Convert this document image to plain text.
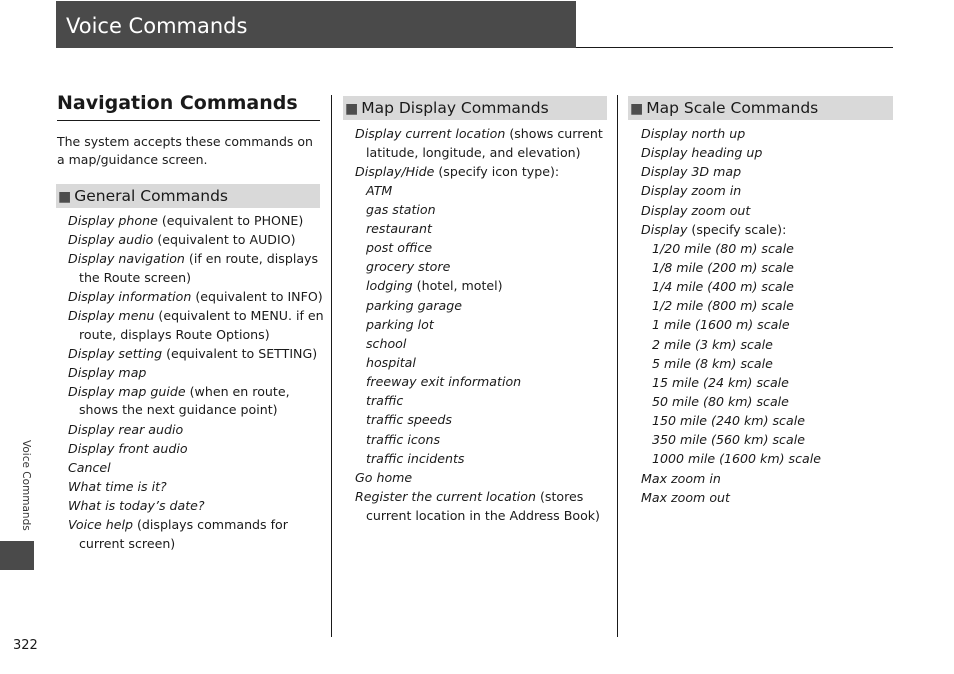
Voice Commands
Navigation Commands
The system accepts these commands on a map/guidance screen.
■ General Commands
Display phone (equivalent to PHONE)
Display audio (equivalent to AUDIO)
Display navigation (if en route, displays
the Route screen)
Display information (equivalent to INFO)
Display menu (equivalent to MENU. if en
route, displays Route Options)
Display setting (equivalent to SETTING)
Display map
Display map guide (when en route,
shows the next guidance point)
Display rear audio
Display front audio
Cancel
What time is it?
What is today’s date?
Voice help (displays commands for
current screen)
■ Map Display Commands
Display current location (shows current
latitude, longitude, and elevation)
Display/Hide (specify icon type):
ATM
gas station
restaurant
post office
grocery store
lodging (hotel, motel)
parking garage
parking lot
school
hospital
freeway exit information
traffic
traffic speeds
traffic icons
traffic incidents
Go home
Register the current location (stores
current location in the Address Book)
■ Map Scale Commands
Display north up
Display heading up
Display 3D map
Display zoom in
Display zoom out
Display (specify scale):
1/20 mile (80 m) scale
1/8 mile (200 m) scale
1/4 mile (400 m) scale
1/2 mile (800 m) scale
1 mile (1600 m) scale
2 mile (3 km) scale
5 mile (8 km) scale
15 mile (24 km) scale
50 mile (80 km) scale
150 mile (240 km) scale
350 mile (560 km) scale
1000 mile (1600 km) scale
Max zoom in
Max zoom out
Voice Commands
322
